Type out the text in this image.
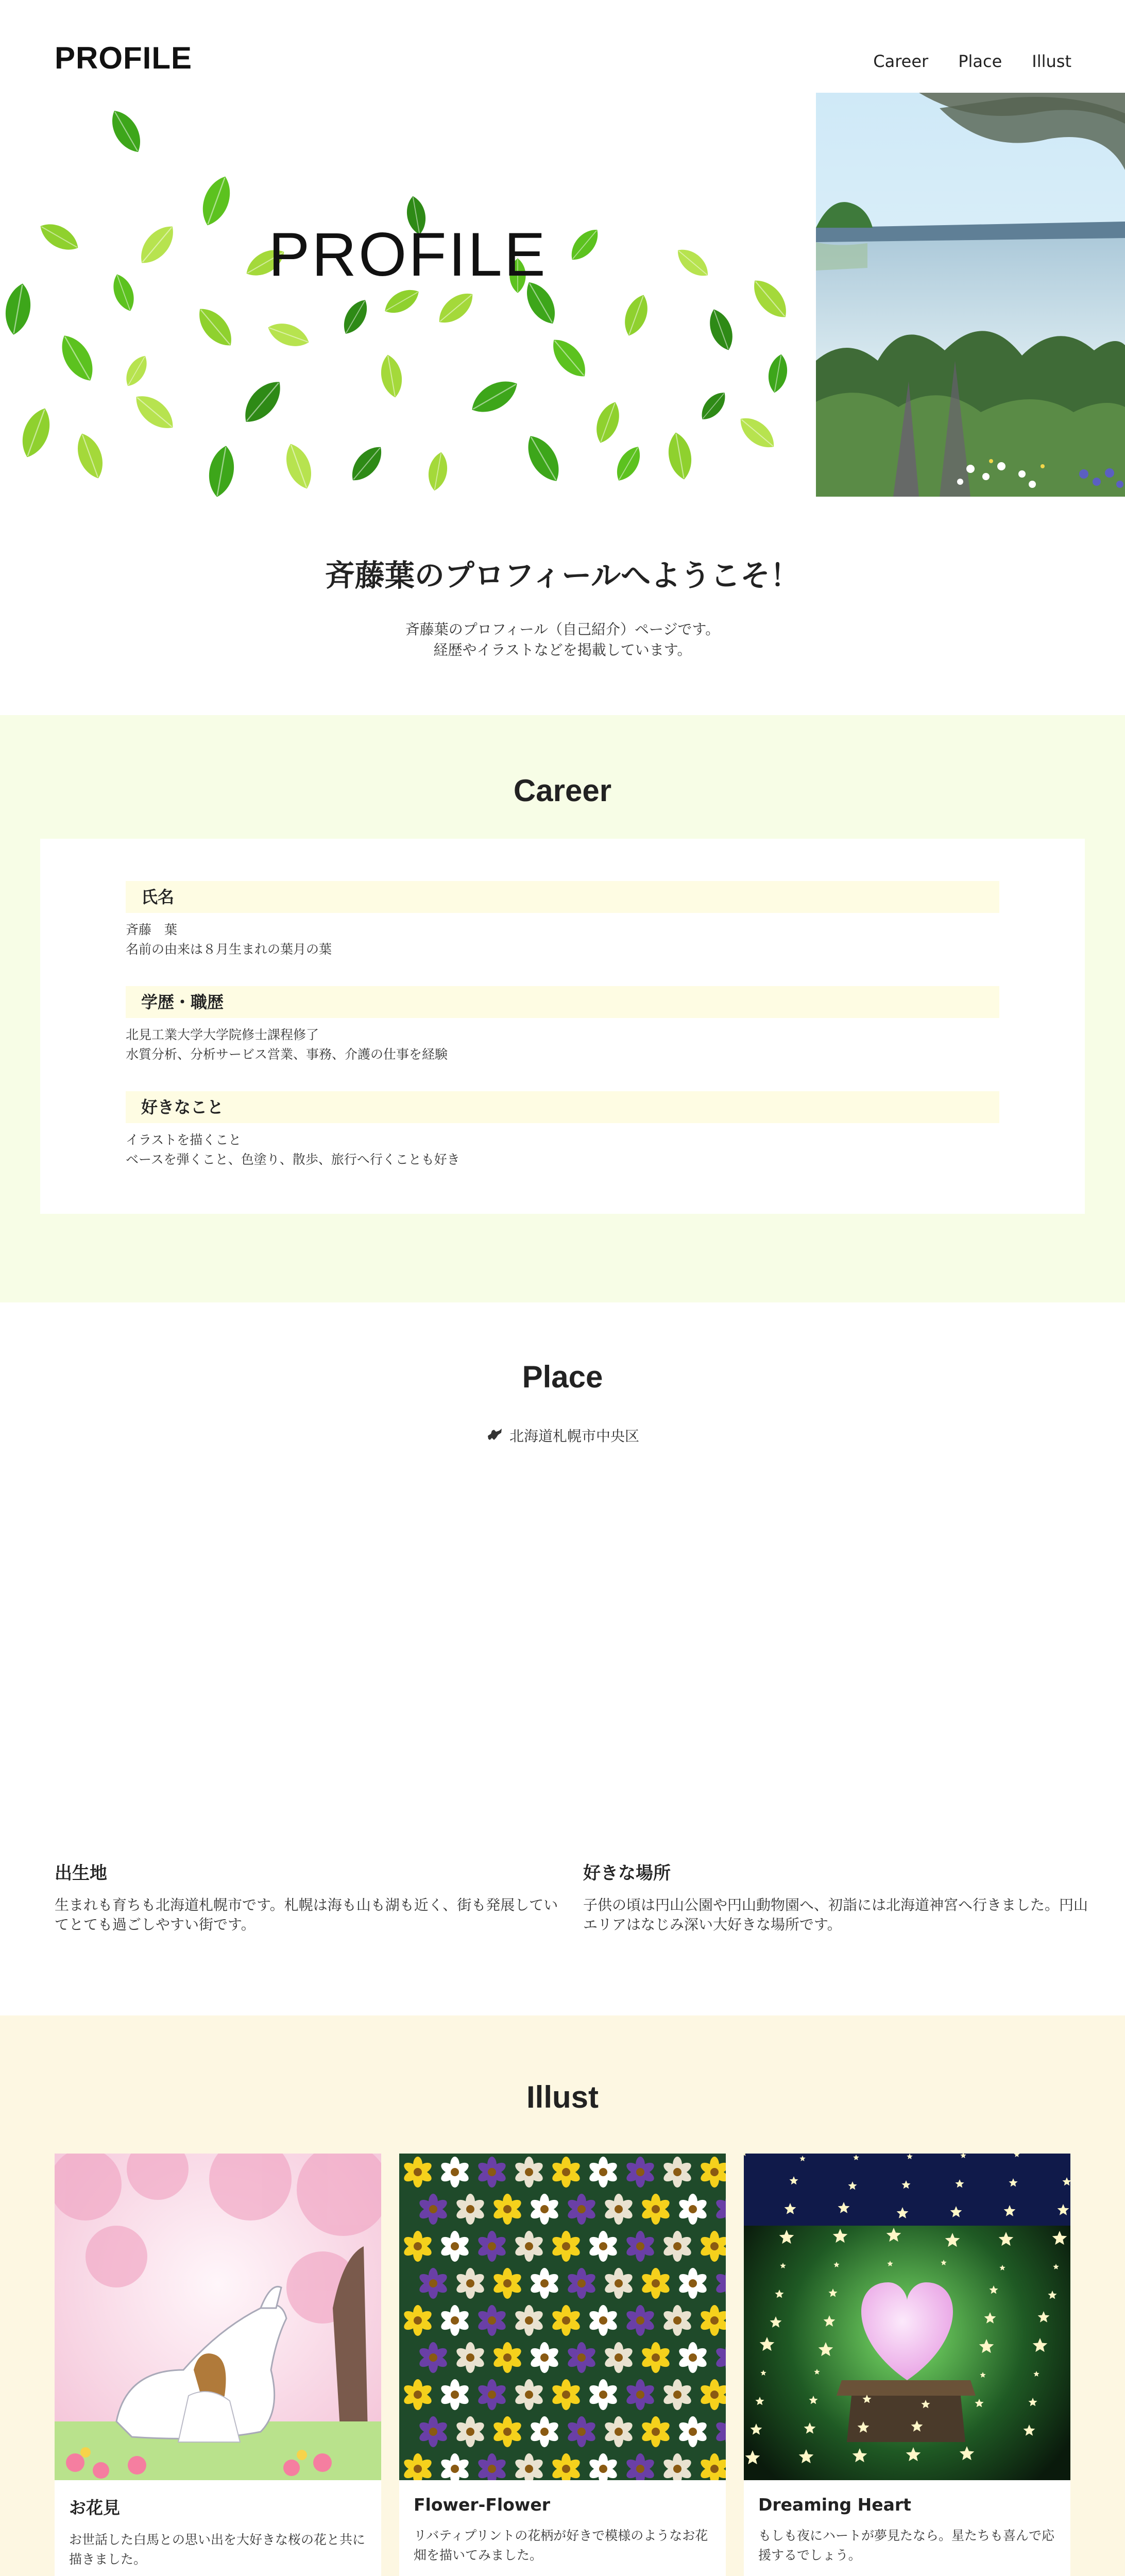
PROFILE	Career Place Illust
PROFILE
斉藤葉のプロフィールへようこそ！
斉藤葉のプロフィール（自己紹介）ページです。
経歴やイラストなどを掲載しています。
Career
氏名
斉藤　葉
名前の由来は８月生まれの葉月の葉
学歴・職歴
北見工業大学大学院修士課程修了
水質分析、分析サービス営業、事務、介護の仕事を経験
好きなこと
イラストを描くこと
ベースを弾くこと、色塗り、散歩、旅行へ行くことも好き
Place
北海道札幌市中央区
出生地

生まれも育ちも北海道札幌市です。札幌は海も山も湖も近く、街も発展していてとても過ごしやすい街です。

好きな場所

子供の頃は円山公園や円山動物園へ、初詣には北海道神宮へ行きました。円山エリアはなじみ深い大好きな場所です。

Illust
お花見

お世話した白馬との思い出を大好きな桜の花と共に描きました。

Flower-Flower

リバティプリントの花柄が好きで模様のようなお花畑を描いてみました。

Dreaming Heart

もしも夜にハートが夢見たなら。星たちも喜んで応援するでしょう。
